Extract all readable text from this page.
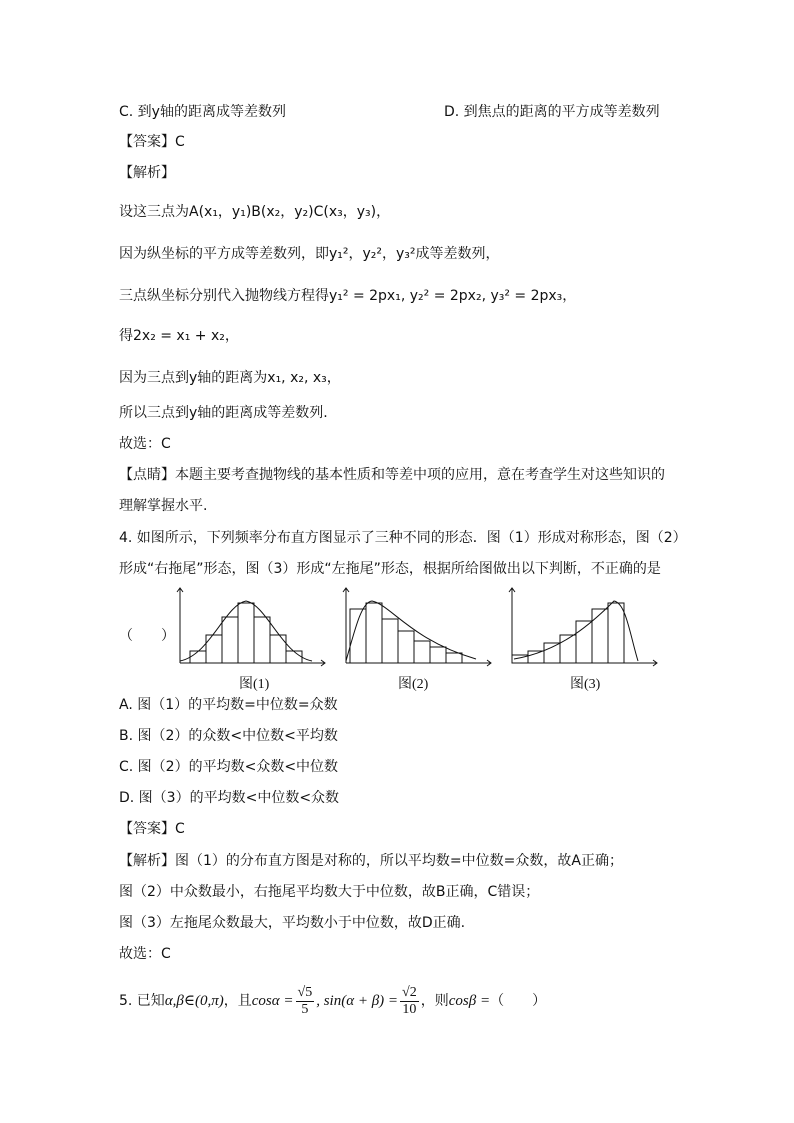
C. 到y轴的距离成等差数列	D. 到焦点的距离的平方成等差数列
【答案】C
【解析】
设这三点为A(x₁，y₁)B(x₂，y₂)C(x₃，y₃)，
因为纵坐标的平方成等差数列，即y₁²，y₂²，y₃²成等差数列，
三点纵坐标分别代入抛物线方程得y₁² = 2px₁, y₂² = 2px₂, y₃² = 2px₃，
得2x₂ = x₁ + x₂，
因为三点到y轴的距离为x₁, x₂, x₃，
所以三点到y轴的距离成等差数列.
故选：C
【点睛】本题主要考查抛物线的基本性质和等差中项的应用，意在考查学生对这些知识的
理解掌握水平.
4. 如图所示，下列频率分布直方图显示了三种不同的形态．图（1）形成对称形态，图（2）
形成“右拖尾”形态，图（3）形成“左拖尾”形态，根据所给图做出以下判断，不正确的是
（　　）
图(1)	图(2)	图(3)
A. 图（1）的平均数=中位数=众数
B. 图（2）的众数<中位数<平均数
C. 图（2）的平均数<众数<中位数
D. 图（3）的平均数<中位数<众数
【答案】C
【解析】图（1）的分布直方图是对称的，所以平均数=中位数=众数，故A正确；
图（2）中众数最小，右拖尾平均数大于中位数，故B正确，C错误；
图（3）左拖尾众数最大，平均数小于中位数，故D正确.
故选：C
5. 已知α,β∈(0,π)，且$\cos\alpha = \frac{√5}{5}$ , $\sin(\alpha + \beta) = \frac{√2}{10}$ ，则cosβ =（　　）
